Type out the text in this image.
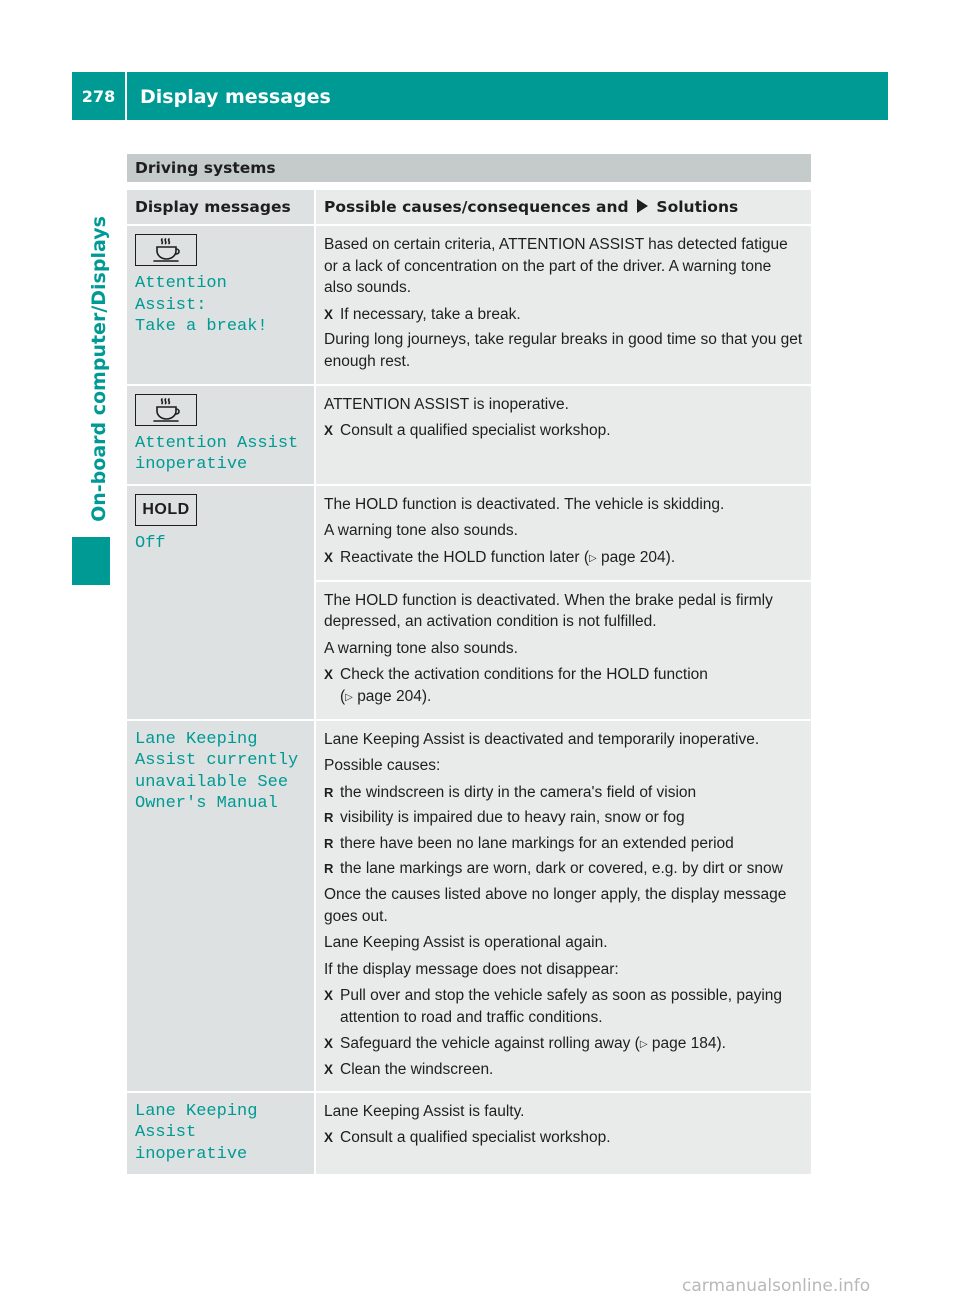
278	Display messages
On-board computer/Displays
Driving systems
Display messages	Possible causes/consequences and Solutions
Attention Assist:
Take a break!
Based on certain criteria, ATTENTION ASSIST has detected fatigue or a lack of concentration on the part of the driver. A warning tone also sounds.
X If necessary, take a break.
During long journeys, take regular breaks in good time so that you get enough rest.
Attention Assist
inoperative
ATTENTION ASSIST is inoperative.
X Consult a qualified specialist workshop.
HOLD
Off
The HOLD function is deactivated. The vehicle is skidding.
A warning tone also sounds.
X Reactivate the HOLD function later (▷ page 204).
The HOLD function is deactivated. When the brake pedal is firmly depressed, an activation condition is not fulfilled.
A warning tone also sounds.
X Check the activation conditions for the HOLD function
(▷ page 204).
Lane Keeping
Assist currently
unavailable See
Owner's Manual
Lane Keeping Assist is deactivated and temporarily inoperative.
Possible causes:
R the windscreen is dirty in the camera's field of vision
R visibility is impaired due to heavy rain, snow or fog
R there have been no lane markings for an extended period
R the lane markings are worn, dark or covered, e.g. by dirt or snow
Once the causes listed above no longer apply, the display message goes out.
Lane Keeping Assist is operational again.
If the display message does not disappear:
X Pull over and stop the vehicle safely as soon as possible, paying attention to road and traffic conditions.
X Safeguard the vehicle against rolling away (▷ page 184).
X Clean the windscreen.
Lane Keeping
Assist inoperative
Lane Keeping Assist is faulty.
X Consult a qualified specialist workshop.
carmanualsonline.info
